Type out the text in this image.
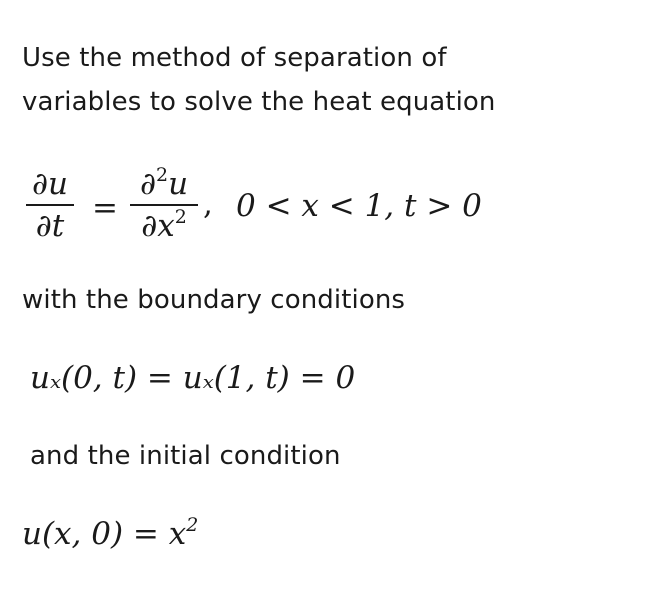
Use the method of separation of
variables to solve the heat equation
∂u
∂t =
∂$^2$u
$\partial x^2$ , 0 < x < 1, t > 0
with the boundary conditions
uₓ(0, t) = uₓ(1, t) = 0
and the initial condition
u(x, $0) = x^2$
